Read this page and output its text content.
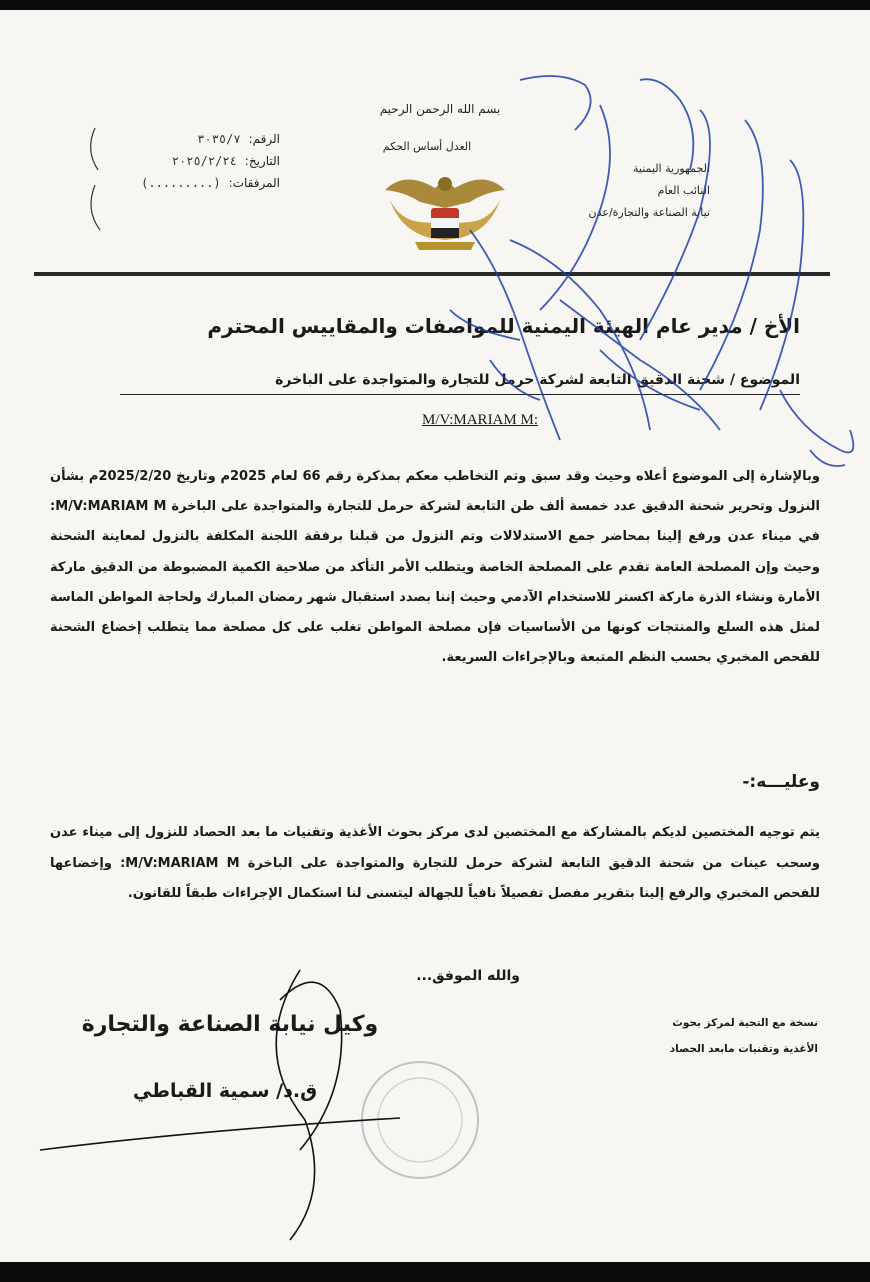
بسم الله الرحمن الرحيم
العدل أساس الحكم
الجمهورية اليمنية
النائب العام
نيابة الصناعة والتجارة/عدن
٣٠٣٥/٧ الرقم:
٢٠٢٥/٢/٢٤ التاريخ:
(.........) المرفقات:
الأخ / مدير عام الهيئة اليمنية للمواصفات والمقاييس المحترم
الموضوع / شحنة الدقيق التابعة لشركة حرمل للتجارة والمتواجدة على الباخرة
M/V:MARIAM M:
وبالإشارة إلى الموضوع أعلاه وحيث وقد سبق وتم التخاطب معكم بمذكرة رقم 66 لعام 2025م وتاريخ 2025/2/20م بشأن النزول وتحرير شحنة الدقيق عدد خمسة ألف طن التابعة لشركة حرمل للتجارة والمتواجدة على الباخرة M/V:MARIAM M: في ميناء عدن ورفع إلينا بمحاضر جمع الاستدلالات وتم النزول من قبلنا برفقة اللجنة المكلفة بالنزول لمعاينة الشحنة وحيث وإن المصلحة العامة تقدم على المصلحة الخاصة ويتطلب الأمر التأكد من صلاحية الكمية المضبوطة من الدقيق ماركة الأمارة ونشاء الذرة ماركة اكستر للاستخدام الآدمي وحيث إننا بصدد استقبال شهر رمضان المبارك ولحاجة المواطن الماسة لمثل هذه السلع والمنتجات كونها من الأساسيات فإن مصلحة المواطن تغلب على كل مصلحة مما يتطلب إخضاع الشحنة للفحص المخبري بحسب النظم المتبعة وبالإجراءات السريعة.
وعليـــه:-
يتم توجيه المختصين لديكم بالمشاركة مع المختصين لدى مركز بحوث الأغذية وتقنيات ما بعد الحصاد للنزول إلى ميناء عدن وسحب عينات من شحنة الدقيق التابعة لشركة حرمل للتجارة والمتواجدة على الباخرة M/V:MARIAM M: وإخضاعها للفحص المخبري والرفع إلينا بتقرير مفصل تفصيلاً نافياً للجهالة ليتسنى لنا استكمال الإجراءات طبقاً للقانون.
والله الموفق...
نسخة مع التحية لمركز بحوث
الأغذية وتقنيات مابعد الحصاد
وكيل نيابة الصناعة والتجارة
ق.د/ سمية القباطي
